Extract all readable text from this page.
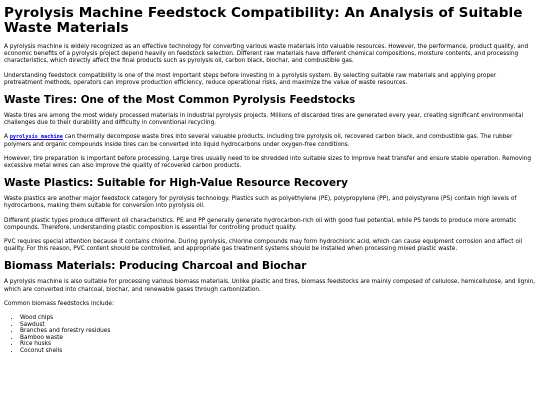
Pyrolysis Machine Feedstock Compatibility: An Analysis of Suitable Waste Materials

A pyrolysis machine is widely recognized as an effective technology for converting various waste materials into valuable resources. However, the performance, product quality, and economic benefits of a pyrolysis project depend heavily on feedstock selection. Different raw materials have different chemical compositions, moisture contents, and processing characteristics, which directly affect the final products such as pyrolysis oil, carbon black, biochar, and combustible gas.

Understanding feedstock compatibility is one of the most important steps before investing in a pyrolysis system. By selecting suitable raw materials and applying proper pretreatment methods, operators can improve production efficiency, reduce operational risks, and maximize the value of waste resources.

Waste Tires: One of the Most Common Pyrolysis Feedstocks

Waste tires are among the most widely processed materials in industrial pyrolysis projects. Millions of discarded tires are generated every year, creating significant environmental challenges due to their durability and difficulty in conventional recycling.

A pyrolysis machine can thermally decompose waste tires into several valuable products, including tire pyrolysis oil, recovered carbon black, and combustible gas. The rubber polymers and organic compounds inside tires can be converted into liquid hydrocarbons under oxygen-free conditions.

However, tire preparation is important before processing. Large tires usually need to be shredded into suitable sizes to improve heat transfer and ensure stable operation. Removing excessive metal wires can also improve the quality of recovered carbon products.

Waste Plastics: Suitable for High-Value Resource Recovery

Waste plastics are another major feedstock category for pyrolysis technology. Plastics such as polyethylene (PE), polypropylene (PP), and polystyrene (PS) contain high levels of hydrocarbons, making them suitable for conversion into pyrolysis oil.

Different plastic types produce different oil characteristics. PE and PP generally generate hydrocarbon-rich oil with good fuel potential, while PS tends to produce more aromatic compounds. Therefore, understanding plastic composition is essential for controlling product quality.

PVC requires special attention because it contains chlorine. During pyrolysis, chlorine compounds may form hydrochloric acid, which can cause equipment corrosion and affect oil quality. For this reason, PVC content should be controlled, and appropriate gas treatment systems should be installed when processing mixed plastic waste.

Biomass Materials: Producing Charcoal and Biochar

A pyrolysis machine is also suitable for processing various biomass materials. Unlike plastic and tires, biomass feedstocks are mainly composed of cellulose, hemicellulose, and lignin, which are converted into charcoal, biochar, and renewable gases through carbonization.

Common biomass feedstocks include:

• Wood chips
• Sawdust
• Branches and forestry residues
• Bamboo waste
• Rice husks
• Coconut shells
